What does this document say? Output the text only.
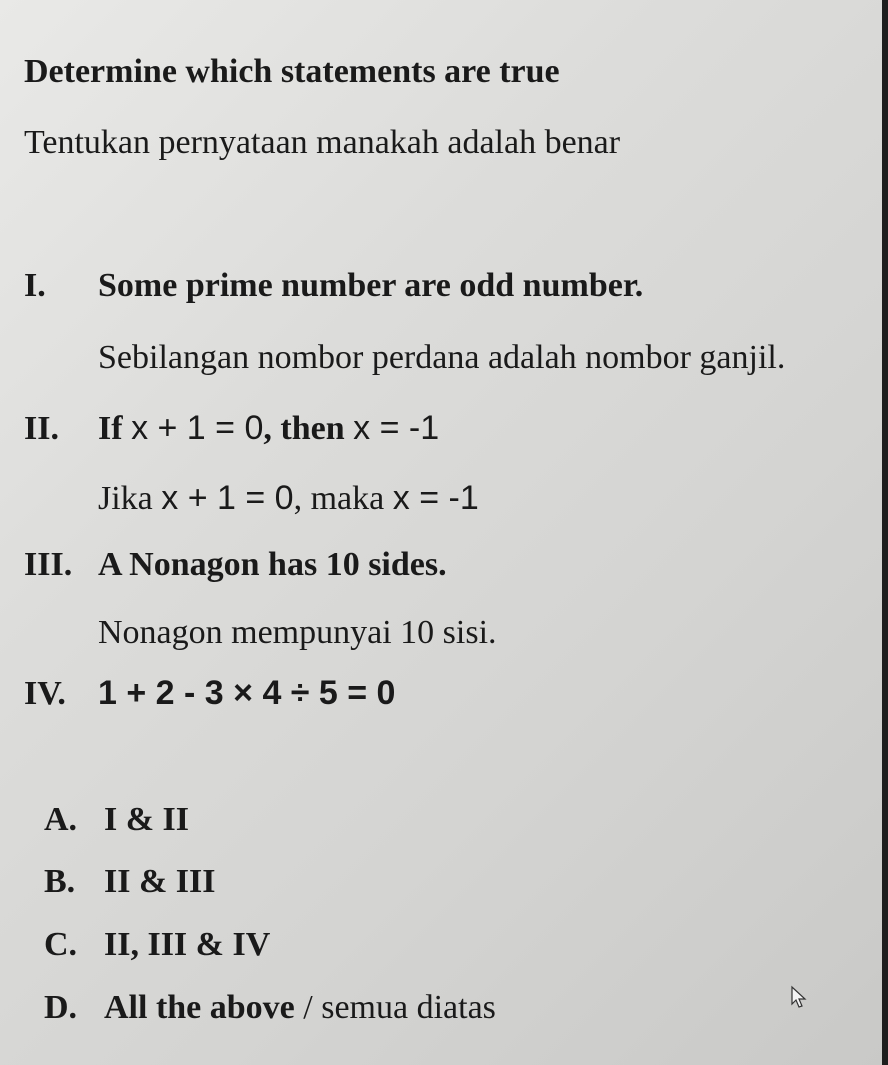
Determine which statements are true
Tentukan pernyataan manakah adalah benar
I. Some prime number are odd number.
Sebilangan nombor perdana adalah nombor ganjil.
II. If x + 1 = 0, then x = -1
Jika x + 1 = 0, maka x = -1
III. A Nonagon has 10 sides.
Nonagon mempunyai 10 sisi.
IV. 1 + 2 - 3 × 4 ÷ 5 = 0
A. I & II
B. II & III
C. II, III & IV
D. All the above / semua diatas
